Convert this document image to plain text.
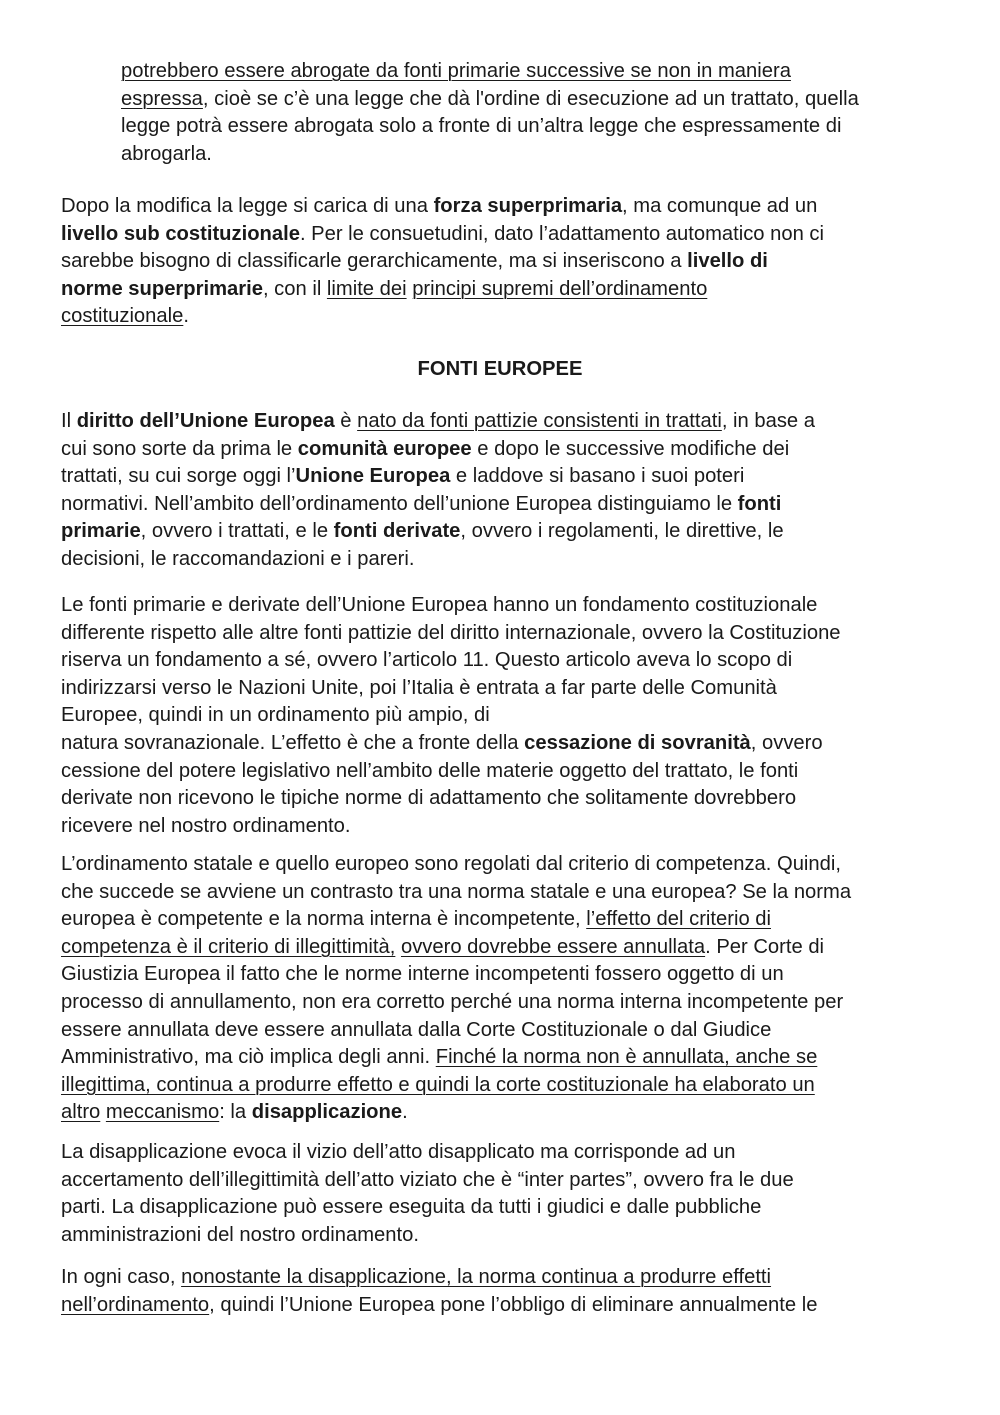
potrebbero essere abrogate da fonti primarie successive se non in maniera
espressa, cioè se c’è una legge che dà l'ordine di esecuzione ad un trattato, quella
legge potrà essere abrogata solo a fronte di un’altra legge che espressamente di
abrogarla.
Dopo la modifica la legge si carica di una forza superprimaria, ma comunque ad un
livello sub costituzionale. Per le consuetudini, dato l’adattamento automatico non ci
sarebbe bisogno di classificarle gerarchicamente, ma si inseriscono a livello di
norme superprimarie, con il limite dei principi supremi dell’ordinamento
costituzionale.
FONTI EUROPEE
Il diritto dell’Unione Europea è nato da fonti pattizie consistenti in trattati, in base a
cui sono sorte da prima le comunità europee e dopo le successive modifiche dei
trattati, su cui sorge oggi l’Unione Europea e laddove si basano i suoi poteri
normativi. Nell’ambito dell’ordinamento dell’unione Europea distinguiamo le fonti
primarie, ovvero i trattati, e le fonti derivate, ovvero i regolamenti, le direttive, le
decisioni, le raccomandazioni e i pareri.
Le fonti primarie e derivate dell’Unione Europea hanno un fondamento costituzionale
differente rispetto alle altre fonti pattizie del diritto internazionale, ovvero la Costituzione
riserva un fondamento a sé, ovvero l’articolo 11. Questo articolo aveva lo scopo di
indirizzarsi verso le Nazioni Unite, poi l’Italia è entrata a far parte delle Comunità
Europee, quindi in un ordinamento più ampio, di
natura sovranazionale. L’effetto è che a fronte della cessazione di sovranità, ovvero
cessione del potere legislativo nell’ambito delle materie oggetto del trattato, le fonti
derivate non ricevono le tipiche norme di adattamento che solitamente dovrebbero
ricevere nel nostro ordinamento.
L’ordinamento statale e quello europeo sono regolati dal criterio di competenza. Quindi,
che succede se avviene un contrasto tra una norma statale e una europea? Se la norma
europea è competente e la norma interna è incompetente, l’effetto del criterio di
competenza è il criterio di illegittimità, ovvero dovrebbe essere annullata. Per Corte di
Giustizia Europea il fatto che le norme interne incompetenti fossero oggetto di un
processo di annullamento, non era corretto perché una norma interna incompetente per
essere annullata deve essere annullata dalla Corte Costituzionale o dal Giudice
Amministrativo, ma ciò implica degli anni. Finché la norma non è annullata, anche se
illegittima, continua a produrre effetto e quindi la corte costituzionale ha elaborato un
altro meccanismo: la disapplicazione.
La disapplicazione evoca il vizio dell’atto disapplicato ma corrisponde ad un
accertamento dell’illegittimità dell’atto viziato che è “inter partes”, ovvero fra le due
parti. La disapplicazione può essere eseguita da tutti i giudici e dalle pubbliche
amministrazioni del nostro ordinamento.
In ogni caso, nonostante la disapplicazione, la norma continua a produrre effetti
nell’ordinamento, quindi l’Unione Europea pone l’obbligo di eliminare annualmente le
